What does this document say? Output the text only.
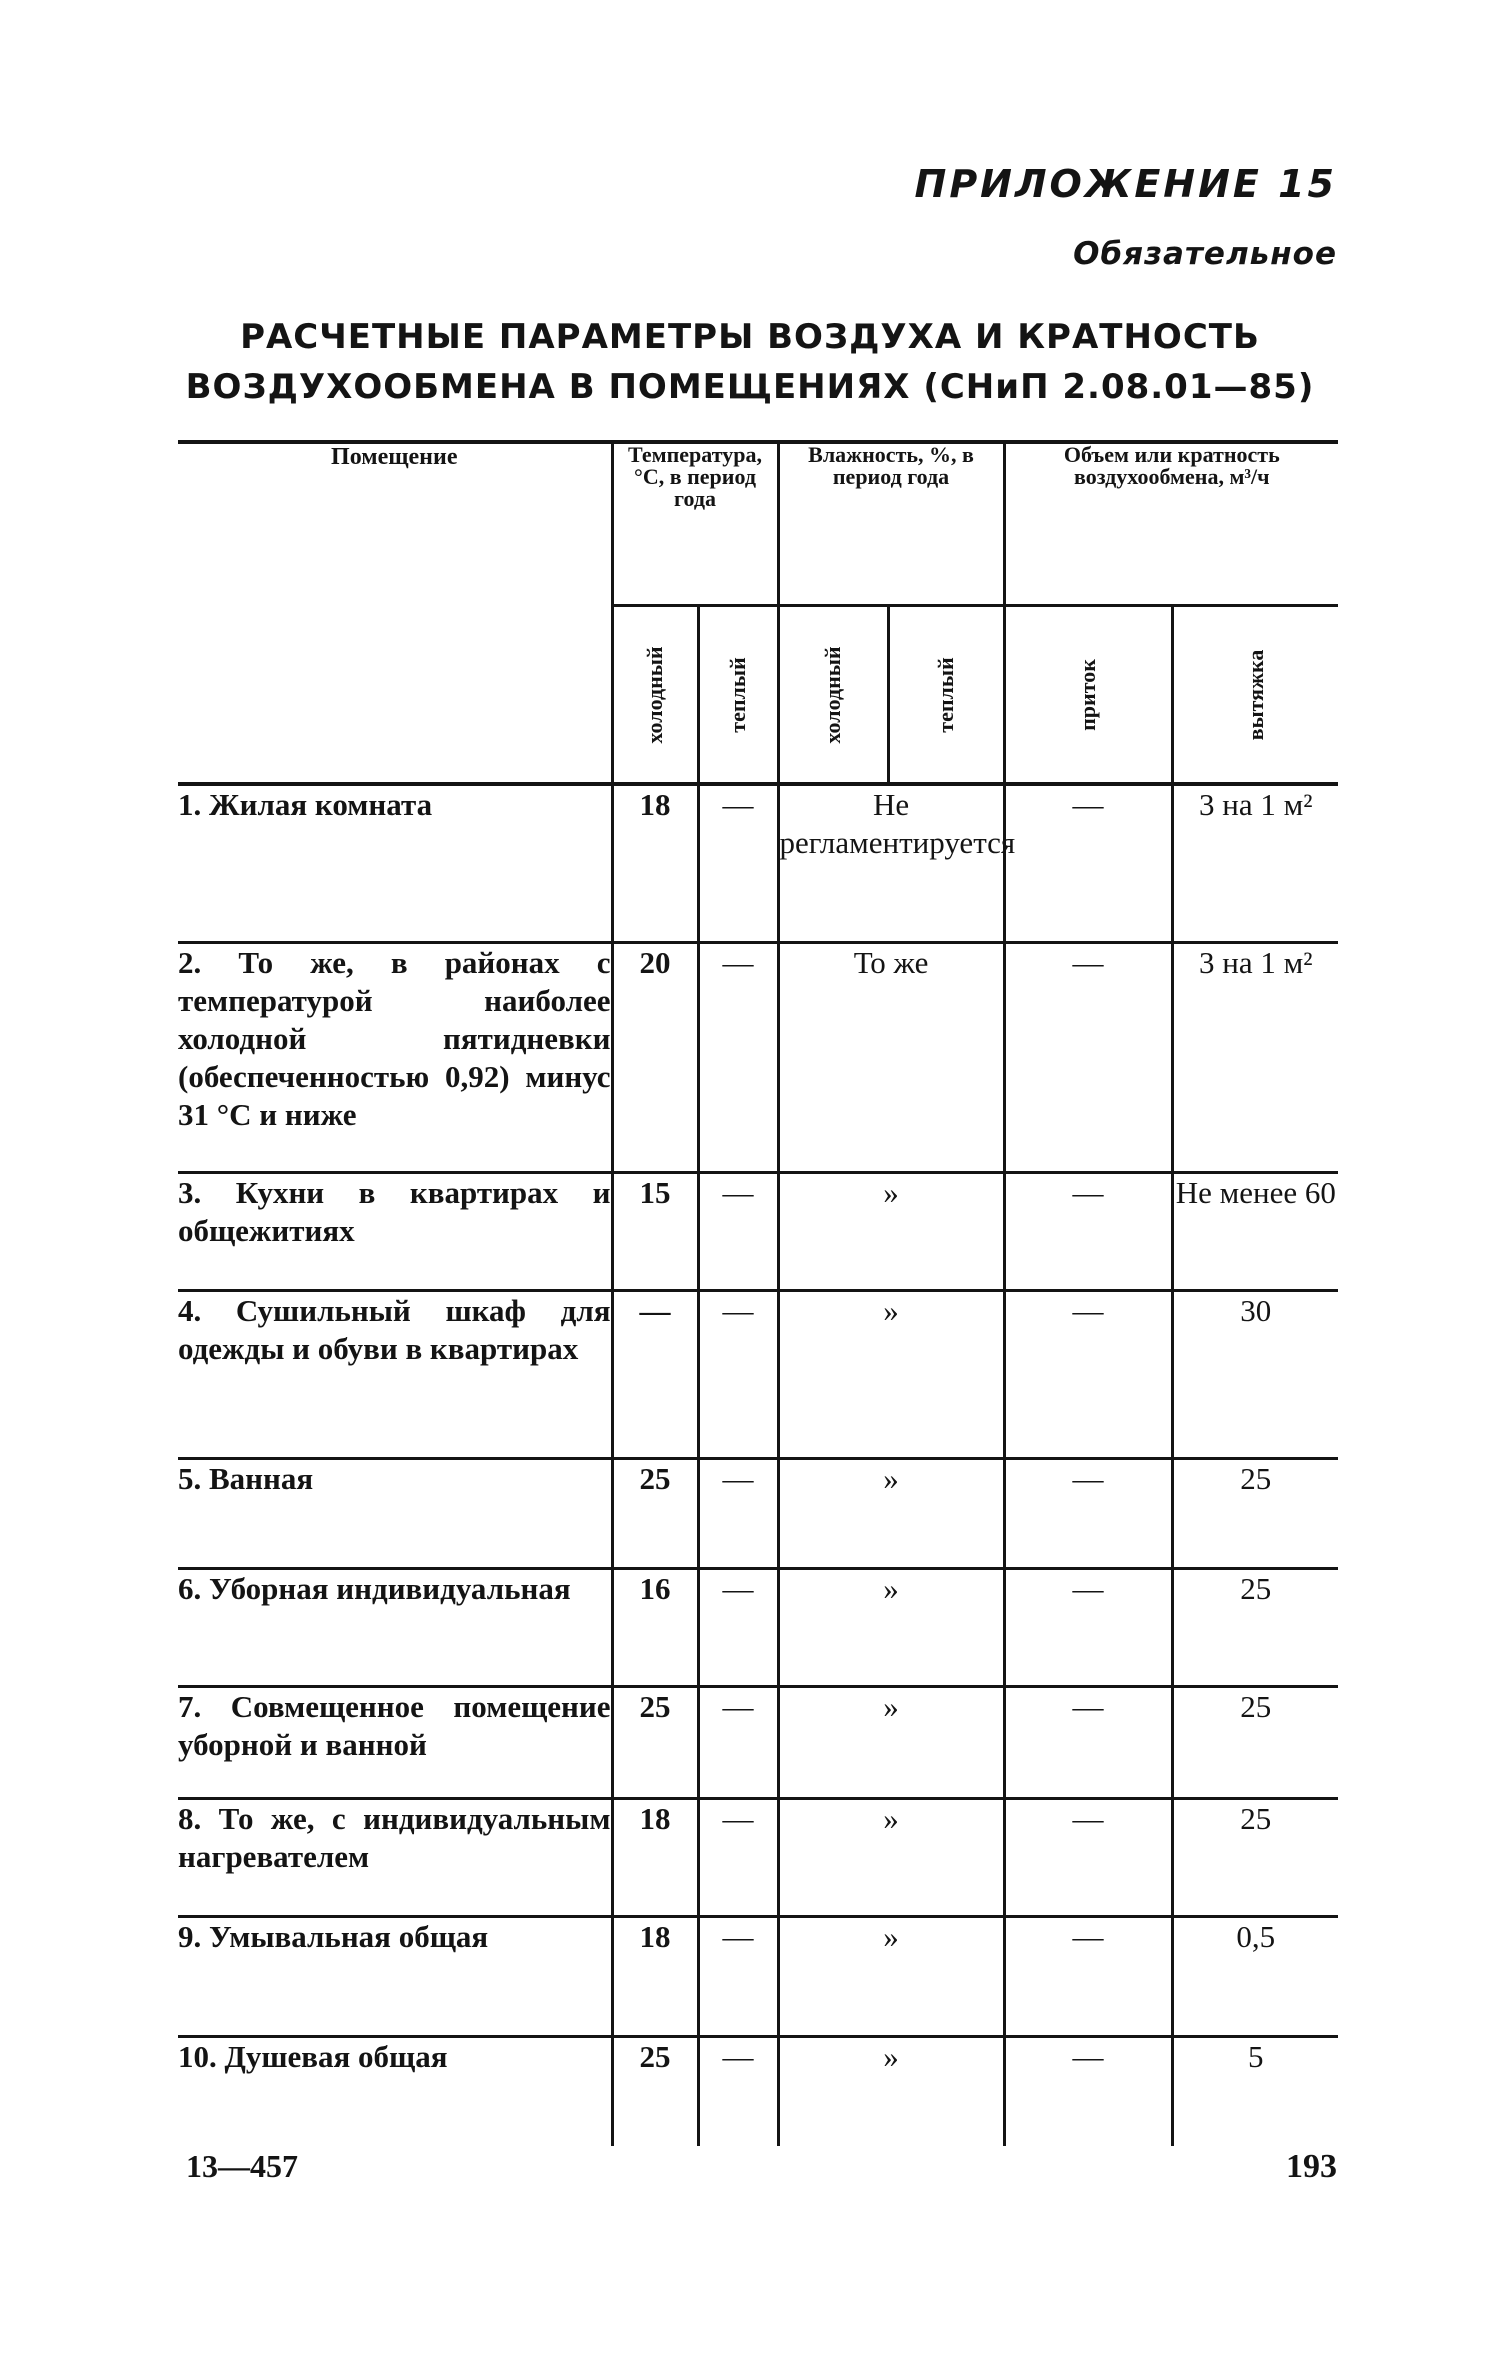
ПРИЛОЖЕНИЕ 15
Обязательное
РАСЧЕТНЫЕ ПАРАМЕТРЫ ВОЗДУХА И КРАТНОСТЬ
ВОЗДУХООБМЕНА В ПОМЕЩЕНИЯХ (СНиП 2.08.01—85)
Помещение	Температура, °С, в период года		Влажность, %, в период года		Объем или кратность воздухообмена, м³/ч	

	холодный	теплый	холодный	теплый	приток	вытяжка

1. Жилая комната	18	—	Не регламентируется		—	3 на 1 м²
2. То же, в районах с температурой наиболее холодной пятидневки (обеспеченностью 0,92) минус 31 °С и ниже	20	—	То же		—	3 на 1 м²
3. Кухни в квартирах и общежитиях	15	—	»		—	Не менее 60
4. Сушильный шкаф для одежды и обуви в квартирах	—	—	»		—	30
5. Ванная	25	—	»		—	25
6. Уборная индивидуальная	16	—	»		—	25
7. Совмещенное помещение уборной и ванной	25	—	»		—	25
8. То же, с индивидуальным нагревателем	18	—	»		—	25
9. Умывальная общая	18	—	»		—	0,5
10. Душевая общая	25	—	»		—	5
13—457	193
